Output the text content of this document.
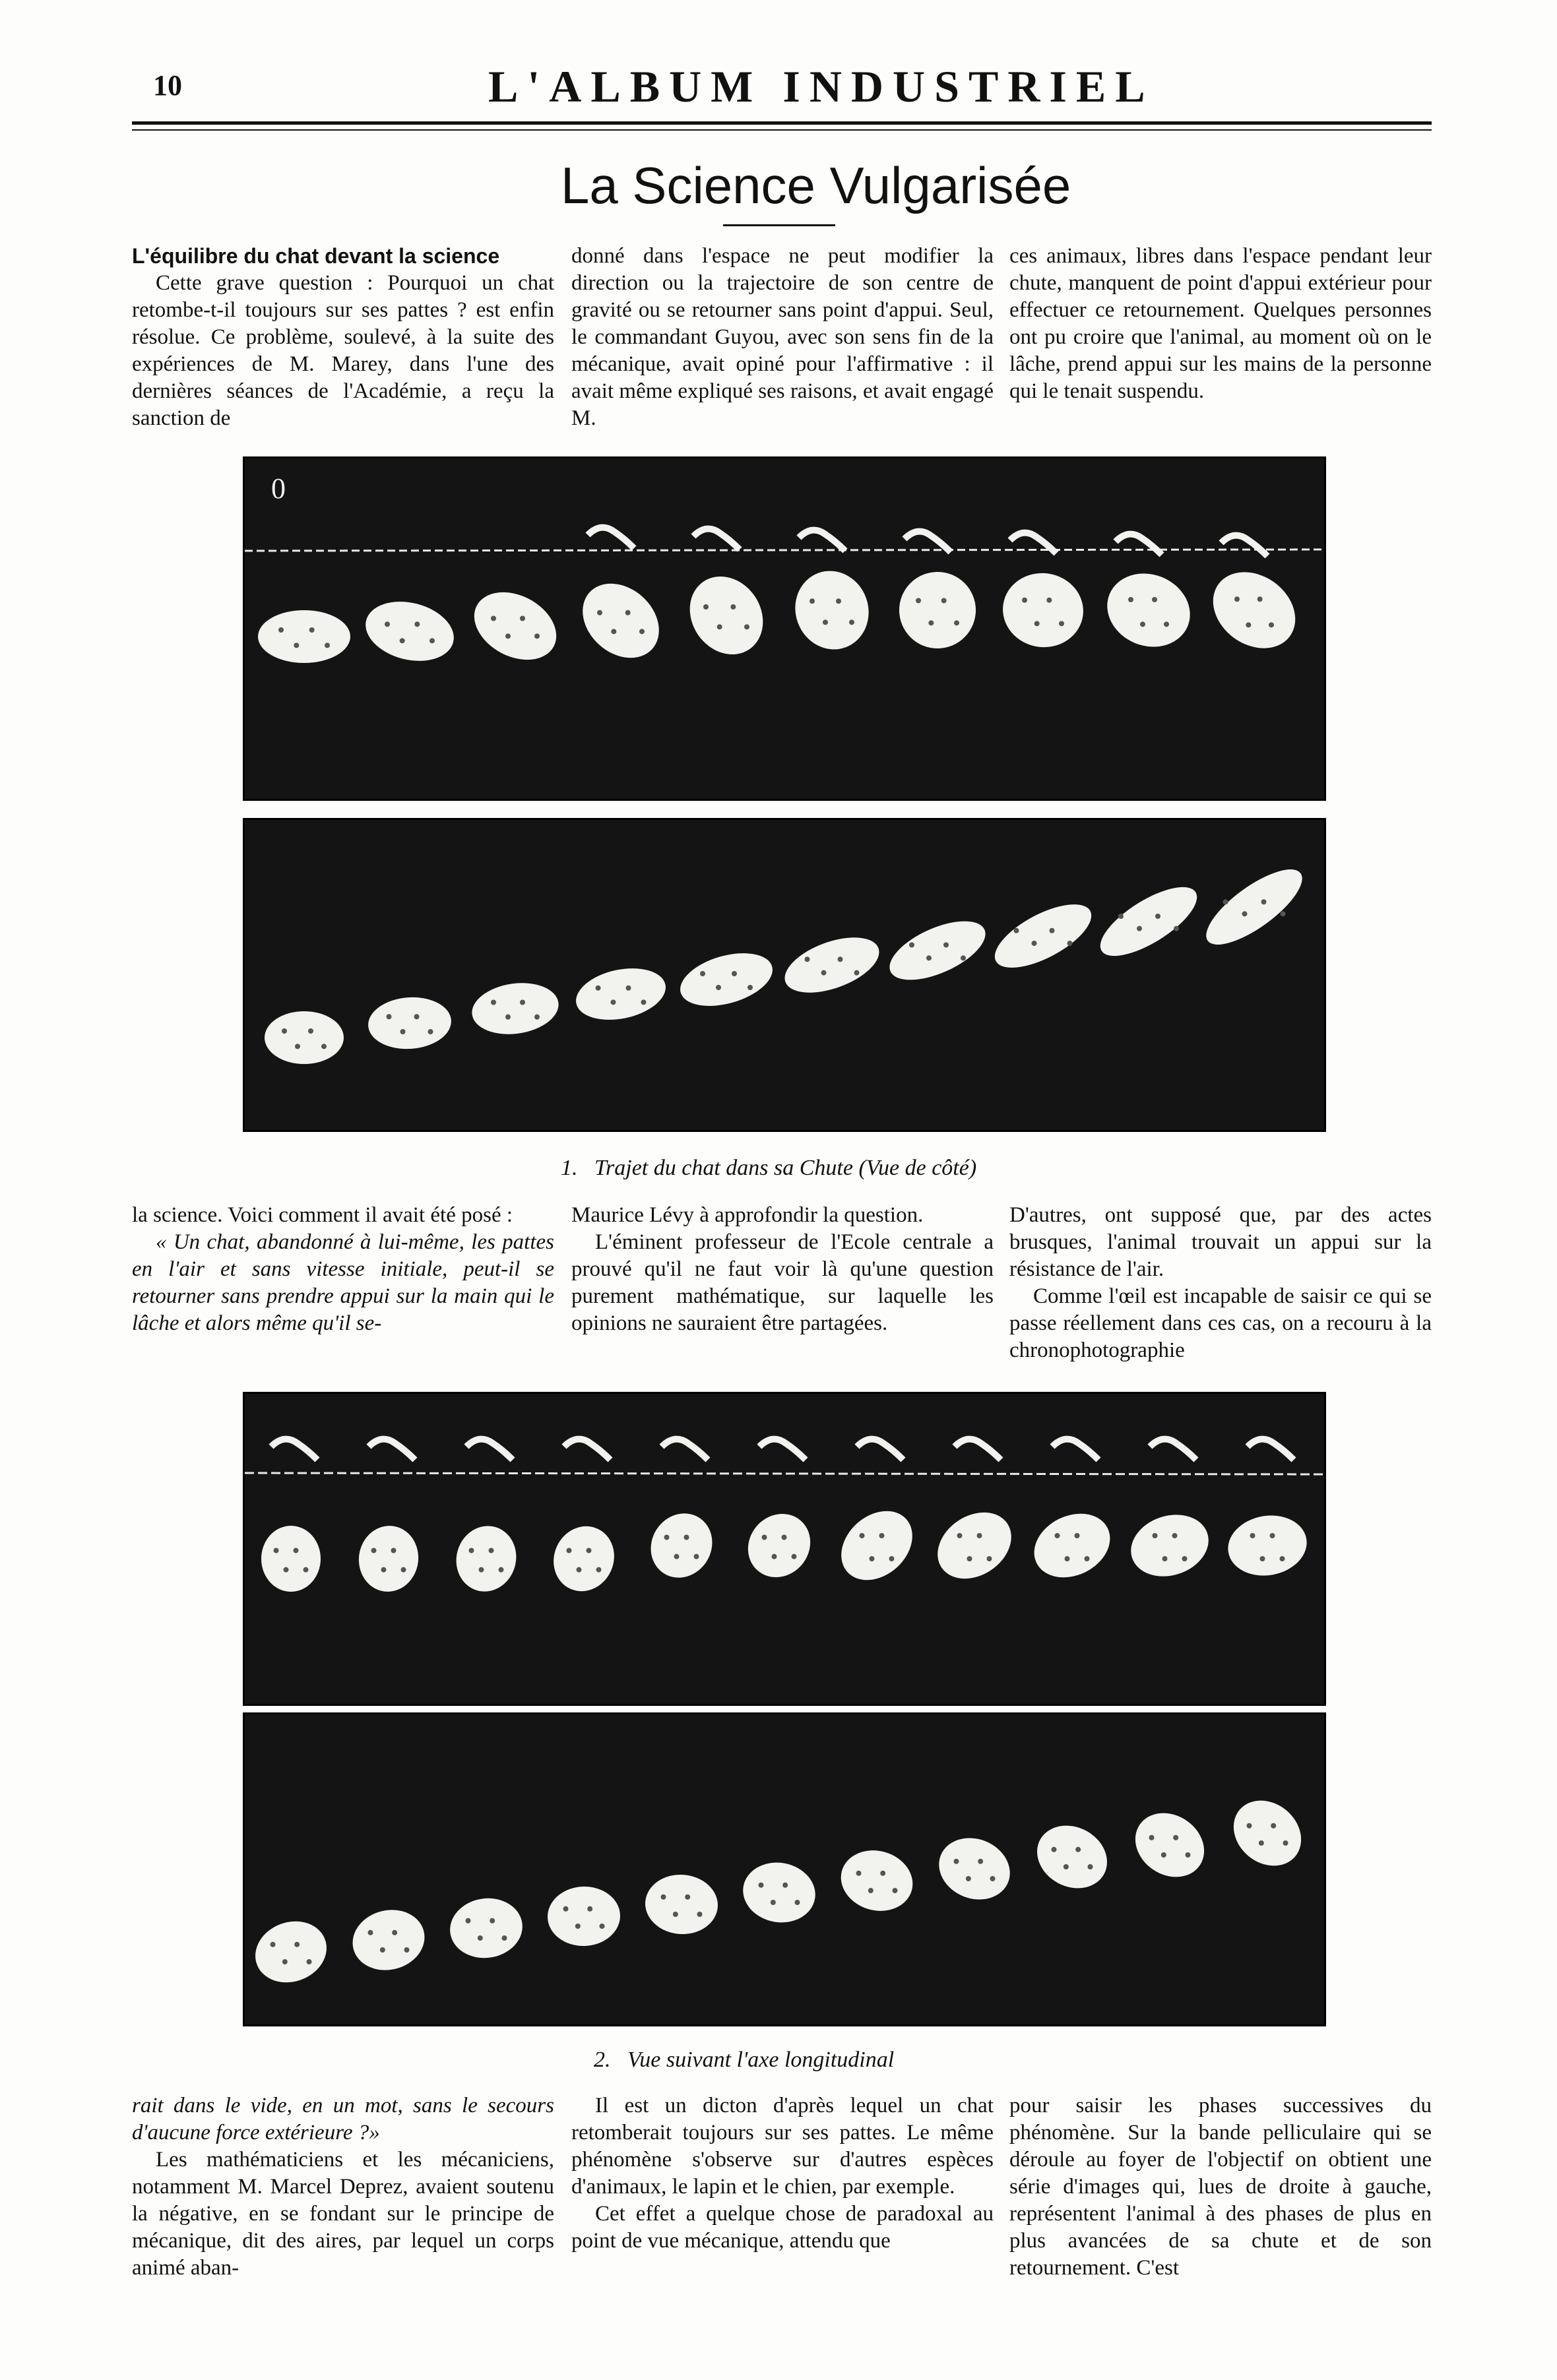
10	L'ALBUM INDUSTRIEL
La Science Vulgarisée

L'équilibre du chat devant la science

Cette grave question : Pourquoi un chat retombe-t-il toujours sur ses pattes ? est enfin résolue. Ce problème, soulevé, à la suite des expériences de M. Marey, dans l'une des dernières séances de l'Académie, a reçu la sanction de

donné dans l'espace ne peut modifier la direction ou la trajectoire de son centre de gravité ou se retourner sans point d'appui. Seul, le commandant Guyou, avec son sens fin de la mécanique, avait opiné pour l'affirmative : il avait même expliqué ses raisons, et avait engagé M.

ces animaux, libres dans l'espace pendant leur chute, manquent de point d'appui extérieur pour effectuer ce retournement. Quelques personnes ont pu croire que l'animal, au moment où on le lâche, prend appui sur les mains de la personne qui le tenait suspendu.

0
1. Trajet du chat dans sa Chute (Vue de côté)

la science. Voici comment il avait été posé :

« Un chat, abandonné à lui-même, les pattes en l'air et sans vitesse initiale, peut-il se retourner sans prendre appui sur la main qui le lâche et alors même qu'il se-

Maurice Lévy à approfondir la question.

L'éminent professeur de l'Ecole centrale a prouvé qu'il ne faut voir là qu'une question purement mathématique, sur laquelle les opinions ne sauraient être partagées.

D'autres, ont supposé que, par des actes brusques, l'animal trouvait un appui sur la résistance de l'air.

Comme l'œil est incapable de saisir ce qui se passe réellement dans ces cas, on a recouru à la chronophotographie

2. Vue suivant l'axe longitudinal

rait dans le vide, en un mot, sans le secours d'aucune force extérieure ?»

Les mathématiciens et les mécaniciens, notamment M. Marcel Deprez, avaient soutenu la négative, en se fondant sur le principe de mécanique, dit des aires, par lequel un corps animé aban-

Il est un dicton d'après lequel un chat retomberait toujours sur ses pattes. Le même phénomène s'observe sur d'autres espèces d'animaux, le lapin et le chien, par exemple.

Cet effet a quelque chose de paradoxal au point de vue mécanique, attendu que

pour saisir les phases successives du phénomène. Sur la bande pelliculaire qui se déroule au foyer de l'objectif on obtient une série d'images qui, lues de droite à gauche, représentent l'animal à des phases de plus en plus avancées de sa chute et de son retournement. C'est
